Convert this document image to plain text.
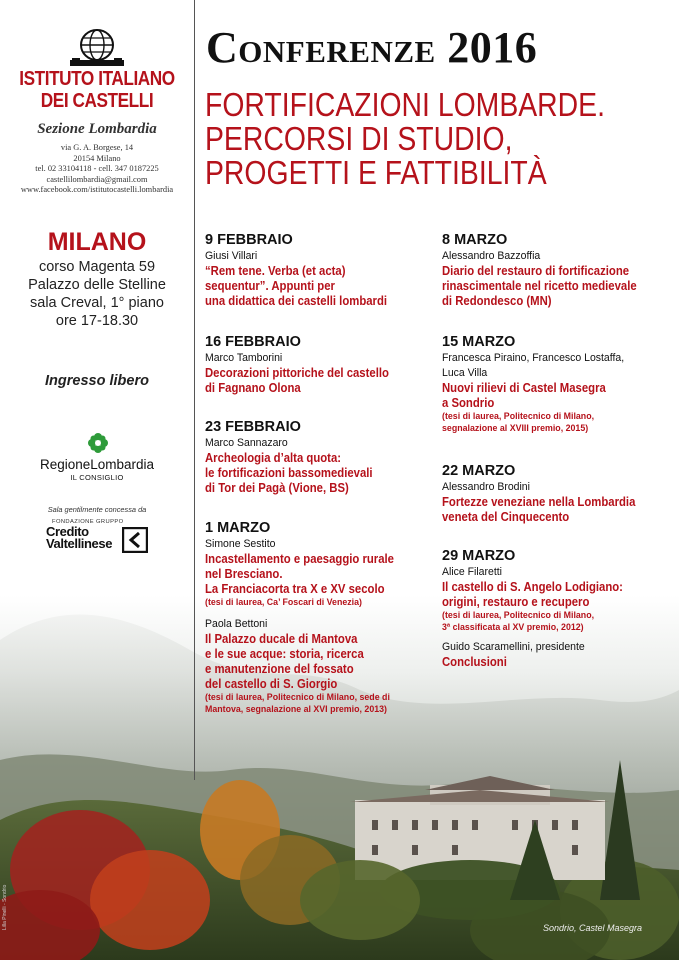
ISTITUTO ITALIANO
DEI CASTELLI
Sezione Lombardia
via G. A. Borgese, 14
20154 Milano
tel. 02 33104118 - cell. 347 0187225
castellilombardia@gmail.com
www.facebook.com/istitutocastelli.lombardia
MILANO
corso Magenta 59
Palazzo delle Stelline
sala Creval, 1° piano
ore 17-18.30
Ingresso libero
RegioneLombardia
IL CONSIGLIO
Sala gentilmente concessa da
FONDAZIONE GRUPPO
Credito
Valtellinese
Conferenze 2016
FORTIFICAZIONI LOMBARDE.
PERCORSI DI STUDIO,
PROGETTI E FATTIBILITÀ
9 FEBBRAIO
Giusi Villari
“Rem tene. Verba (et acta)
sequentur”. Appunti per
una didattica dei castelli lombardi
16 FEBBRAIO
Marco Tamborini
Decorazioni pittoriche del castello
di Fagnano Olona
23 FEBBRAIO
Marco Sannazaro
Archeologia d’alta quota:
le fortificazioni bassomedievali
di Tor dei Pagà (Vione, BS)
1 MARZO
Simone Sestito
Incastellamento e paesaggio rurale
nel Bresciano.
La Franciacorta tra X e XV secolo
(tesi di laurea, Ca’ Foscari di Venezia)
Paola Bettoni
Il Palazzo ducale di Mantova
e le sue acque: storia, ricerca
e manutenzione del fossato
del castello di S. Giorgio
(tesi di laurea, Politecnico di Milano, sede di
Mantova, segnalazione al XVI premio, 2013)
8 MARZO
Alessandro Bazzoffia
Diario del restauro di fortificazione
rinascimentale nel ricetto medievale
di Redondesco (MN)
15 MARZO
Francesca Piraino, Francesco Lostaffa,
Luca Villa
Nuovi rilievi di Castel Masegra
a Sondrio
(tesi di laurea, Politecnico di Milano,
segnalazione al XVIII premio, 2015)
22 MARZO
Alessandro Brodini
Fortezze veneziane nella Lombardia
veneta del Cinquecento
29 MARZO
Alice Filaretti
Il castello di S. Angelo Lodigiano:
origini, restauro e recupero
(tesi di laurea, Politecnico di Milano,
3ª classificata al XV premio, 2012)
Guido Scaramellini, presidente
Conclusioni
Sondrio, Castel Masegra
Lilla Pinelli - Sondrio
